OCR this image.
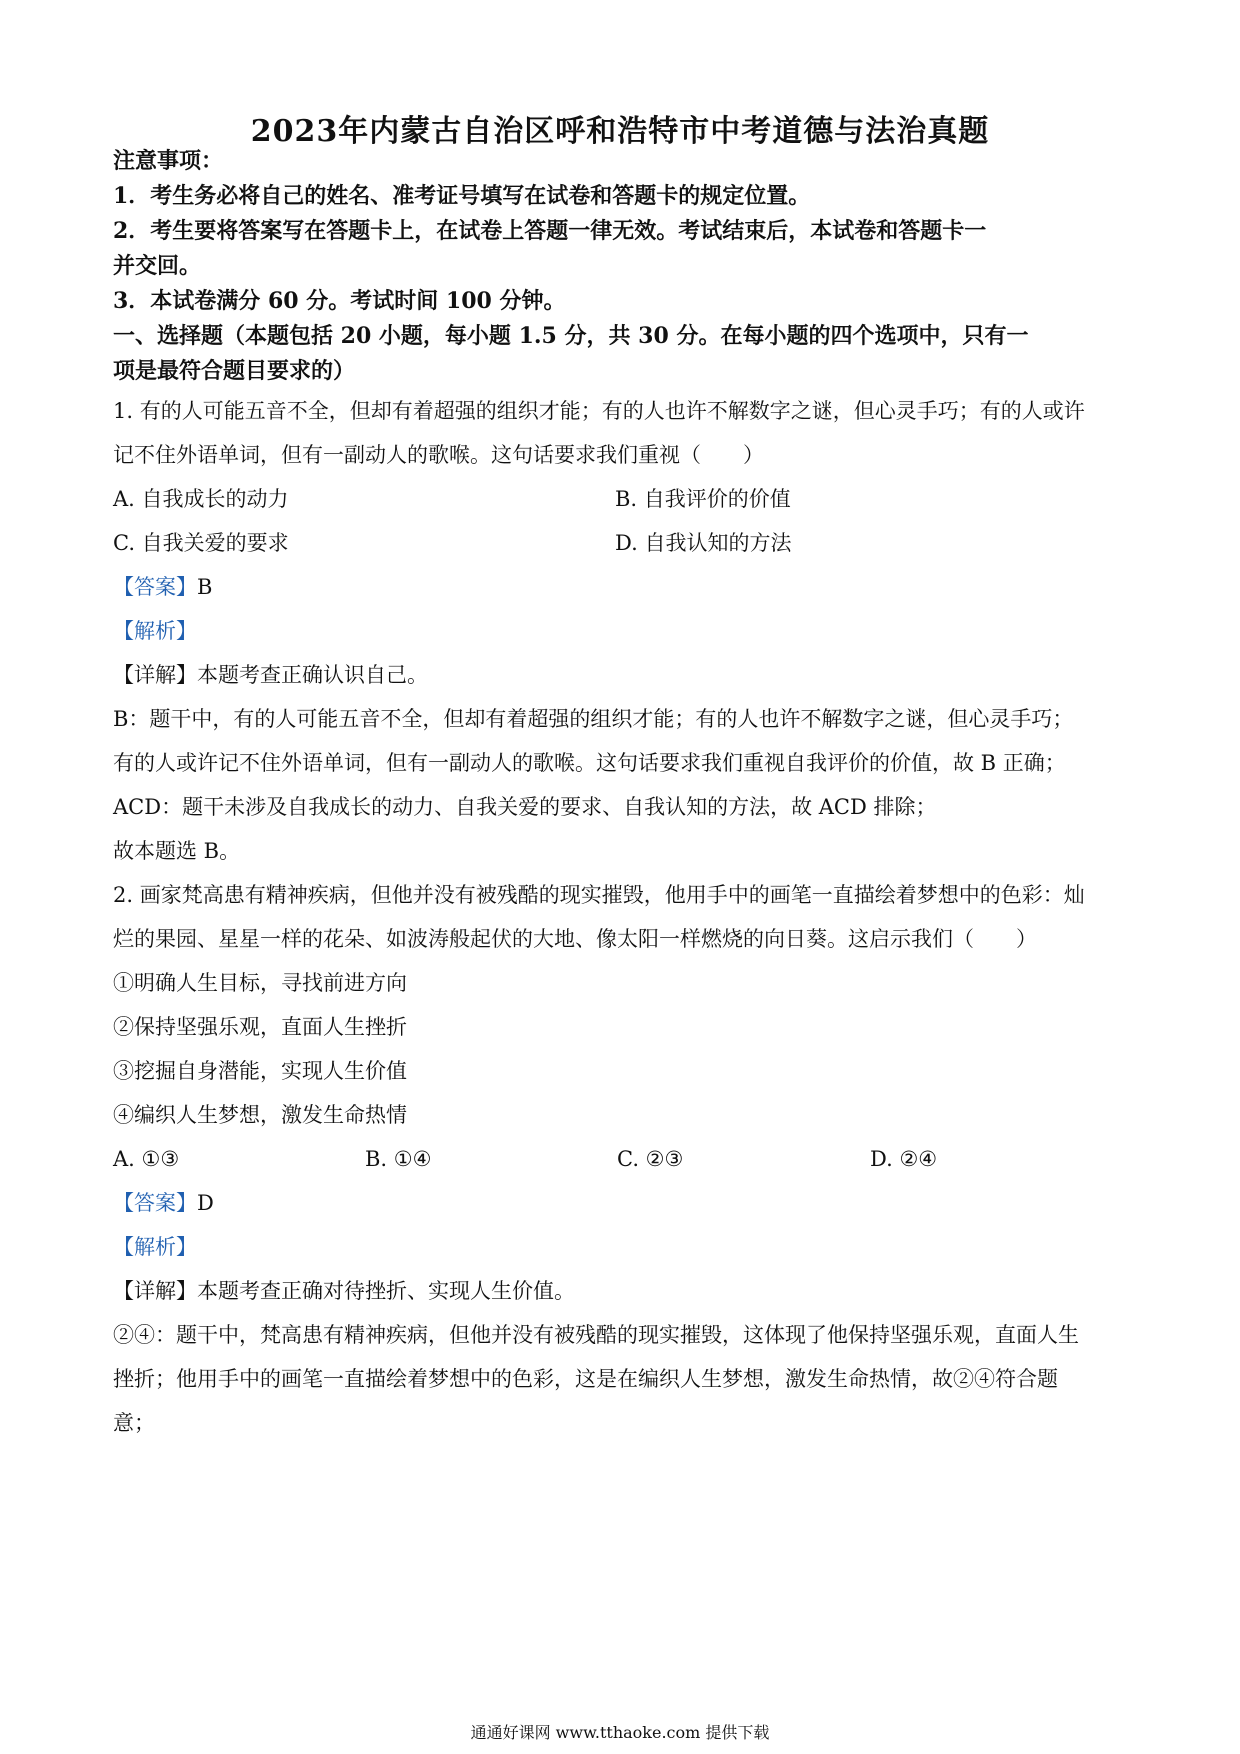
2023年内蒙古自治区呼和浩特市中考道德与法治真题
注意事项：
1．考生务必将自己的姓名、准考证号填写在试卷和答题卡的规定位置。
2．考生要将答案写在答题卡上，在试卷上答题一律无效。考试结束后，本试卷和答题卡一
并交回。
3．本试卷满分 60 分。考试时间 100 分钟。
一、选择题（本题包括 20 小题，每小题 1.5 分，共 30 分。在每小题的四个选项中，只有一
项是最符合题目要求的）
1. 有的人可能五音不全，但却有着超强的组织才能；有的人也许不解数字之谜，但心灵手巧；有的人或许
记不住外语单词，但有一副动人的歌喉。这句话要求我们重视（　　）
A. 自我成长的动力	B. 自我评价的价值
C. 自我关爱的要求	D. 自我认知的方法
【答案】B
【解析】
【详解】本题考查正确认识自己。
B：题干中，有的人可能五音不全，但却有着超强的组织才能；有的人也许不解数字之谜，但心灵手巧；
有的人或许记不住外语单词，但有一副动人的歌喉。这句话要求我们重视自我评价的价值，故 B 正确；
ACD：题干未涉及自我成长的动力、自我关爱的要求、自我认知的方法，故 ACD 排除；
故本题选 B。
2. 画家梵高患有精神疾病，但他并没有被残酷的现实摧毁，他用手中的画笔一直描绘着梦想中的色彩：灿
烂的果园、星星一样的花朵、如波涛般起伏的大地、像太阳一样燃烧的向日葵。这启示我们（　　）
①明确人生目标，寻找前进方向
②保持坚强乐观，直面人生挫折
③挖掘自身潜能，实现人生价值
④编织人生梦想，激发生命热情
A. ①③	B. ①④	C. ②③	D. ②④
【答案】D
【解析】
【详解】本题考查正确对待挫折、实现人生价值。
②④：题干中，梵高患有精神疾病，但他并没有被残酷的现实摧毁，这体现了他保持坚强乐观，直面人生
挫折；他用手中的画笔一直描绘着梦想中的色彩，这是在编织人生梦想，激发生命热情，故②④符合题
意；
通通好课网 www.tthaoke.com 提供下载
